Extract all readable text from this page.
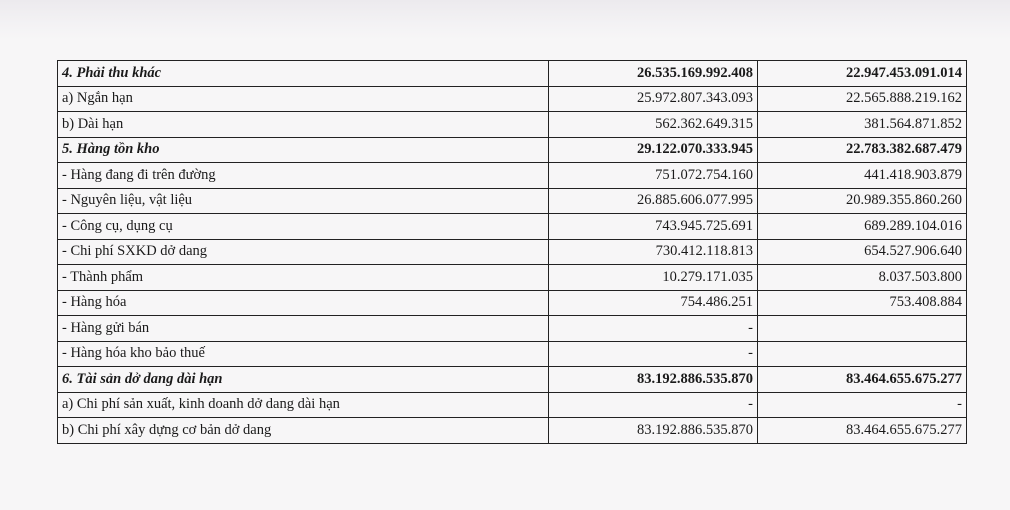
4. Phải thu khác	26.535.169.992.408	22.947.453.091.014
a) Ngắn hạn	25.972.807.343.093	22.565.888.219.162
b) Dài hạn	562.362.649.315	381.564.871.852
5. Hàng tồn kho	29.122.070.333.945	22.783.382.687.479
- Hàng đang đi trên đường	751.072.754.160	441.418.903.879
- Nguyên liệu, vật liệu	26.885.606.077.995	20.989.355.860.260
- Công cụ, dụng cụ	743.945.725.691	689.289.104.016
- Chi phí SXKD dở dang	730.412.118.813	654.527.906.640
- Thành phẩm	10.279.171.035	8.037.503.800
- Hàng hóa	754.486.251	753.408.884
- Hàng gửi bán	-	
- Hàng hóa kho bảo thuế	-	
6. Tài sản dở dang dài hạn	83.192.886.535.870	83.464.655.675.277
a) Chi phí sản xuất, kinh doanh dở dang dài hạn	-	-
b) Chi phí xây dựng cơ bản dở dang	83.192.886.535.870	83.464.655.675.277
